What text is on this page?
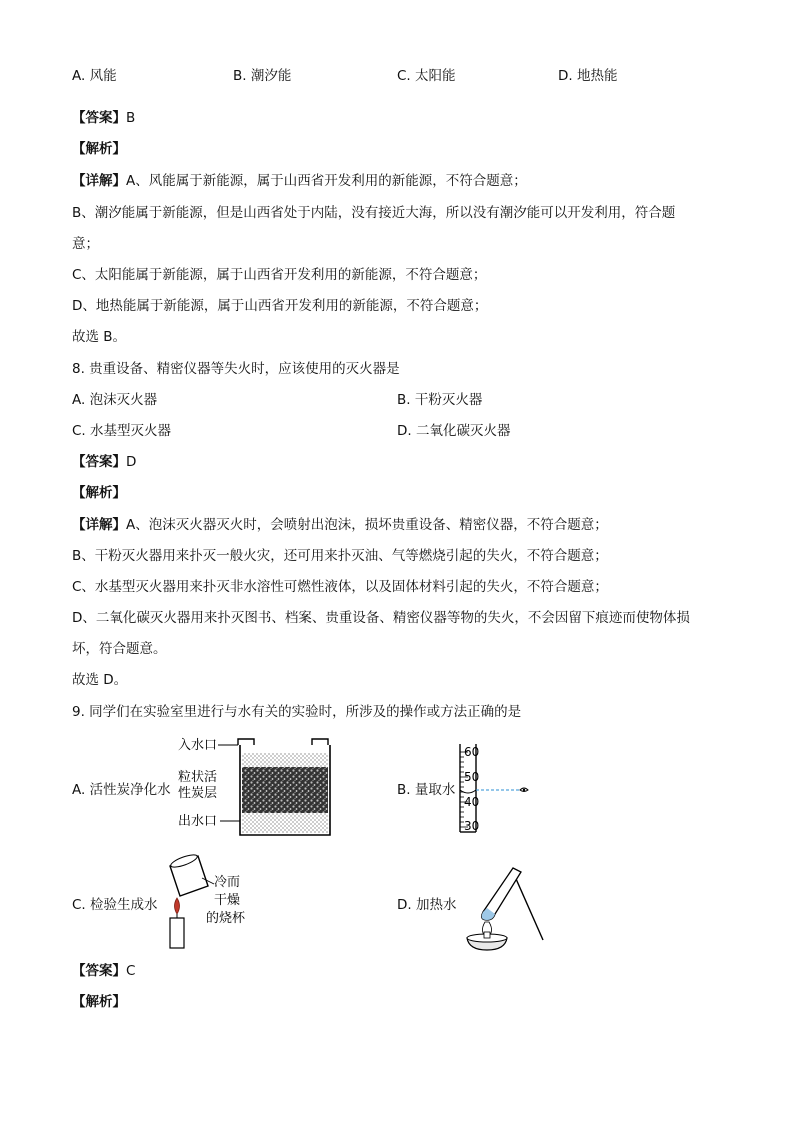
A. 风能	B. 潮汐能	C. 太阳能	D. 地热能
【答案】B
【解析】
【详解】A、风能属于新能源，属于山西省开发利用的新能源，不符合题意；
B、潮汐能属于新能源，但是山西省处于内陆，没有接近大海，所以没有潮汐能可以开发利用，符合题
意；
C、太阳能属于新能源，属于山西省开发利用的新能源，不符合题意；
D、地热能属于新能源，属于山西省开发利用的新能源，不符合题意；
故选 B。
8. 贵重设备、精密仪器等失火时，应该使用的灭火器是
A. 泡沫灭火器	B. 干粉灭火器
C. 水基型灭火器	D. 二氧化碳灭火器
【答案】D
【解析】
【详解】A、泡沫灭火器灭火时，会喷射出泡沫，损坏贵重设备、精密仪器，不符合题意；
B、干粉灭火器用来扑灭一般火灾，还可用来扑灭油、气等燃烧引起的失火，不符合题意；
C、水基型灭火器用来扑灭非水溶性可燃性液体，以及固体材料引起的失火，不符合题意；
D、二氧化碳灭火器用来扑灭图书、档案、贵重设备、精密仪器等物的失火，不会因留下痕迹而使物体损
坏，符合题意。
故选 D。
9. 同学们在实验室里进行与水有关的实验时，所涉及的操作或方法正确的是
A. 活性炭净化水	B. 量取水
C. 检验生成水	D. 加热水
入水口
粒状活
性炭层
出水口
60
50
40
30
冷而
干燥
的烧杯
【答案】C
【解析】
